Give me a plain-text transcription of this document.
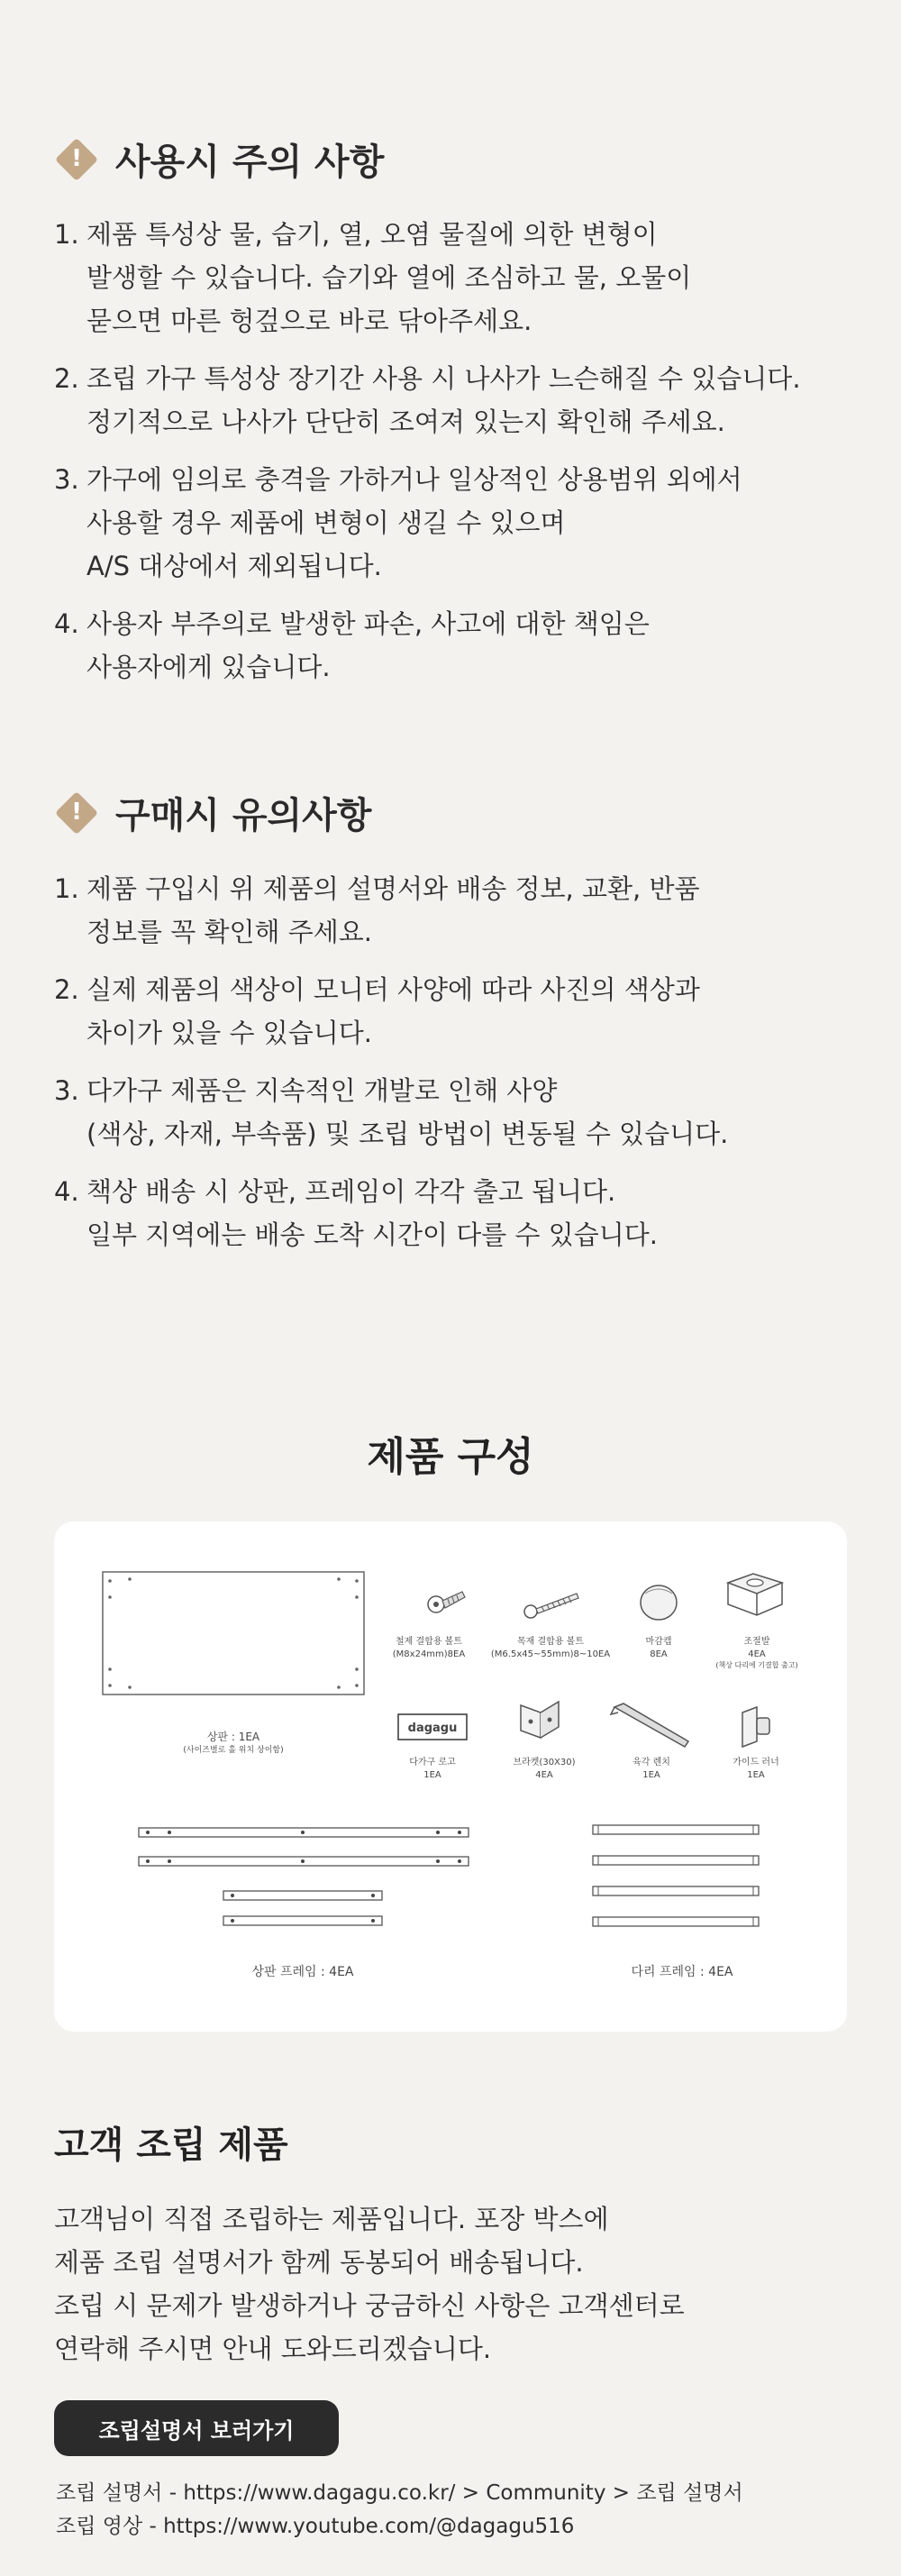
! 사용시 주의 사항
1. 제품 특성상 물, 습기, 열, 오염 물질에 의한 변형이
발생할 수 있습니다. 습기와 열에 조심하고 물, 오물이
묻으면 마른 헝겊으로 바로 닦아주세요.
2. 조립 가구 특성상 장기간 사용 시 나사가 느슨해질 수 있습니다.
정기적으로 나사가 단단히 조여져 있는지 확인해 주세요.
3. 가구에 임의로 충격을 가하거나 일상적인 상용범위 외에서
사용할 경우 제품에 변형이 생길 수 있으며
A/S 대상에서 제외됩니다.
4. 사용자 부주의로 발생한 파손, 사고에 대한 책임은
사용자에게 있습니다.
! 구매시 유의사항
1. 제품 구입시 위 제품의 설명서와 배송 정보, 교환, 반품
정보를 꼭 확인해 주세요.
2. 실제 제품의 색상이 모니터 사양에 따라 사진의 색상과
차이가 있을 수 있습니다.
3. 다가구 제품은 지속적인 개발로 인해 사양
(색상, 자재, 부속품) 및 조립 방법이 변동될 수 있습니다.
4. 책상 배송 시 상판, 프레임이 각각 출고 됩니다.
일부 지역에는 배송 도착 시간이 다를 수 있습니다.
제품 구성
상판 : 1EA
(사이즈별로 홀 위치 상이함)
철제 결합용 볼트
(M8x24mm)8EA
목재 결합용 볼트
(M6.5x45~55mm)8~10EA
마감캡
8EA
조절발
4EA
(책상 다리에 기결합 출고)
dagagu
다가구 로고
1EA
브라켓(30X30)
4EA
육각 렌치
1EA
가이드 러너
1EA
상판 프레임 : 4EA	다리 프레임 : 4EA
고객 조립 제품
고객님이 직접 조립하는 제품입니다. 포장 박스에
제품 조립 설명서가 함께 동봉되어 배송됩니다.
조립 시 문제가 발생하거나 궁금하신 사항은 고객센터로
연락해 주시면 안내 도와드리겠습니다.
조립설명서 보러가기
조립 설명서 - https://www.dagagu.co.kr/ > Community > 조립 설명서
조립 영상 - https://www.youtube.com/@dagagu516
